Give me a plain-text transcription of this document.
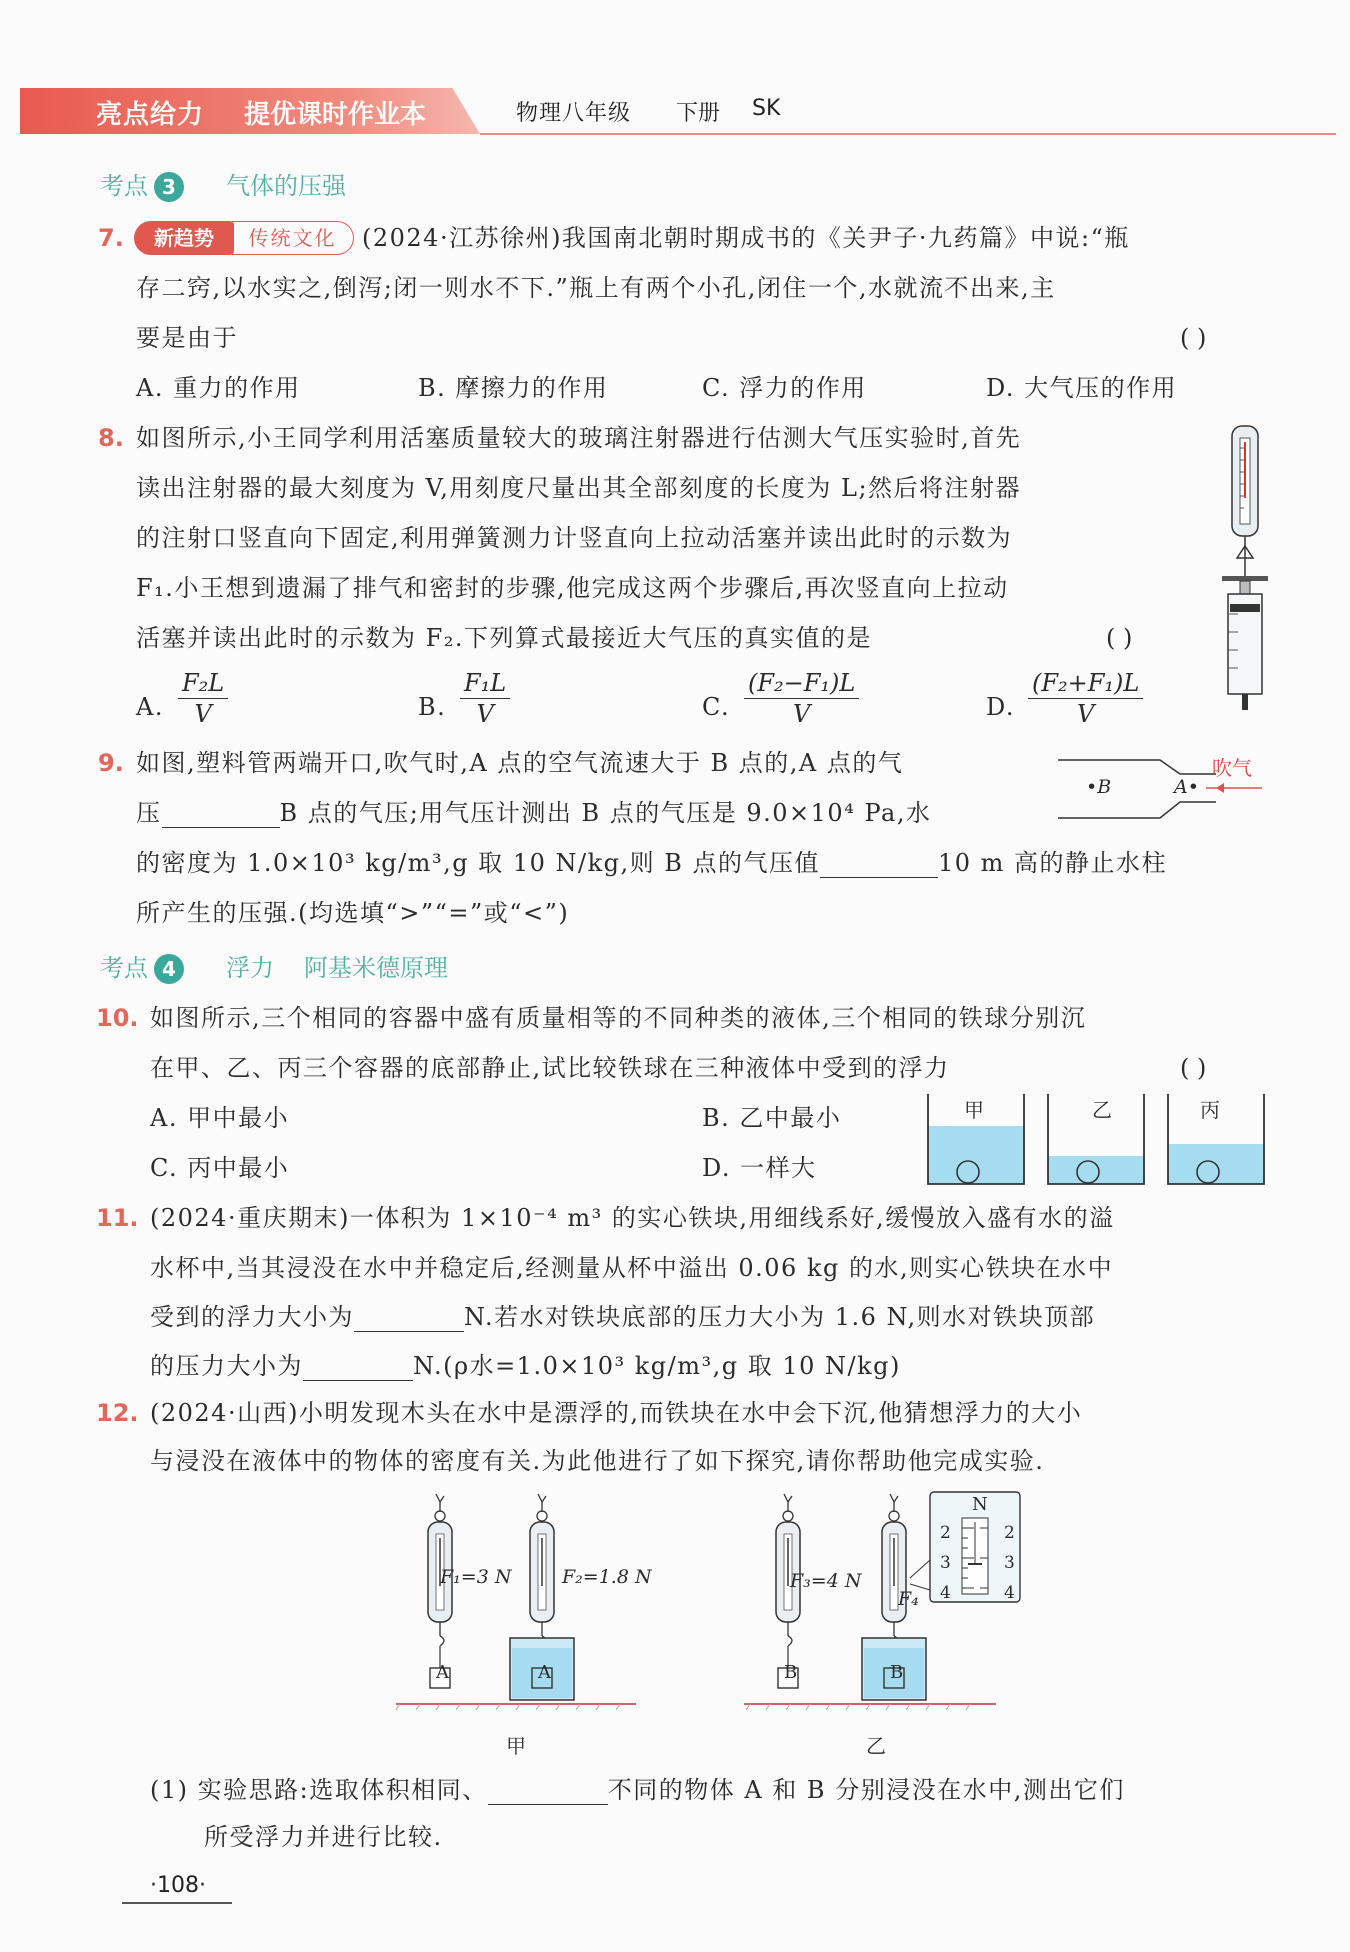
亮点给力 提优课时作业本	物理八年级 下册 SK
考点 3 气体的压强
7.	新趋势	传统文化	(2024·江苏徐州)我国南北朝时期成书的《关尹子·九药篇》中说:“瓶
存二窍,以水实之,倒泻;闭一则水不下.”瓶上有两个小孔,闭住一个,水就流不出来,主
要是由于	( )
A. 重力的作用	B. 摩擦力的作用	C. 浮力的作用	D. 大气压的作用
8. 如图所示,小王同学利用活塞质量较大的玻璃注射器进行估测大气压实验时,首先
读出注射器的最大刻度为 V,用刻度尺量出其全部刻度的长度为 L;然后将注射器
的注射口竖直向下固定,利用弹簧测力计竖直向上拉动活塞并读出此时的示数为
F₁.小王想到遗漏了排气和密封的步骤,他完成这两个步骤后,再次竖直向上拉动
活塞并读出此时的示数为 F₂.下列算式最接近大气压的真实值的是	( )
A. $\frac{\text{F₂L}}{V}$	B. $\frac{\text{F₁L}}{V}$	C. $\frac{\text{(F₂−F₁)L}}{V}$	D. $\frac{\text{(F₂+F₁)L}}{V}$
9. 如图,塑料管两端开口,吹气时,A 点的空气流速大于 B 点的,A 点的气
压	B 点的气压;用气压计测出 B 点的气压是 9.0×10⁴ Pa,水
的密度为 1.0×10³ kg/m³,g 取 10 N/kg,则 B 点的气压值	10 m 高的静止水柱
所产生的压强.(均选填“>”“=”或“<”)
•B	A•
吹气
考点 4 浮力 阿基米德原理
10. 如图所示,三个相同的容器中盛有质量相等的不同种类的液体,三个相同的铁球分别沉
在甲、乙、丙三个容器的底部静止,试比较铁球在三种液体中受到的浮力	( )
A. 甲中最小	B. 乙中最小
C. 丙中最小	D. 一样大
甲	乙	丙
11. (2024·重庆期末)一体积为 1×10⁻⁴ m³ 的实心铁块,用细线系好,缓慢放入盛有水的溢
水杯中,当其浸没在水中并稳定后,经测量从杯中溢出 0.06 kg 的水,则实心铁块在水中
受到的浮力大小为	N.若水对铁块底部的压力大小为 1.6 N,则水对铁块顶部
的压力大小为	N.(ρ水=1.0×10³ kg/m³,g 取 10 N/kg)
12. (2024·山西)小明发现木头在水中是漂浮的,而铁块在水中会下沉,他猜想浮力的大小
与浸没在液体中的物体的密度有关.为此他进行了如下探究,请你帮助他完成实验.
A	A	B	B
F₁=3 N	F₂=1.8 N	F₃=4 N
F₄
N
2
3
4
2
3
4
甲	乙
(1) 实验思路:选取体积相同、	不同的物体 A 和 B 分别浸没在水中,测出它们
所受浮力并进行比较.
·108·
